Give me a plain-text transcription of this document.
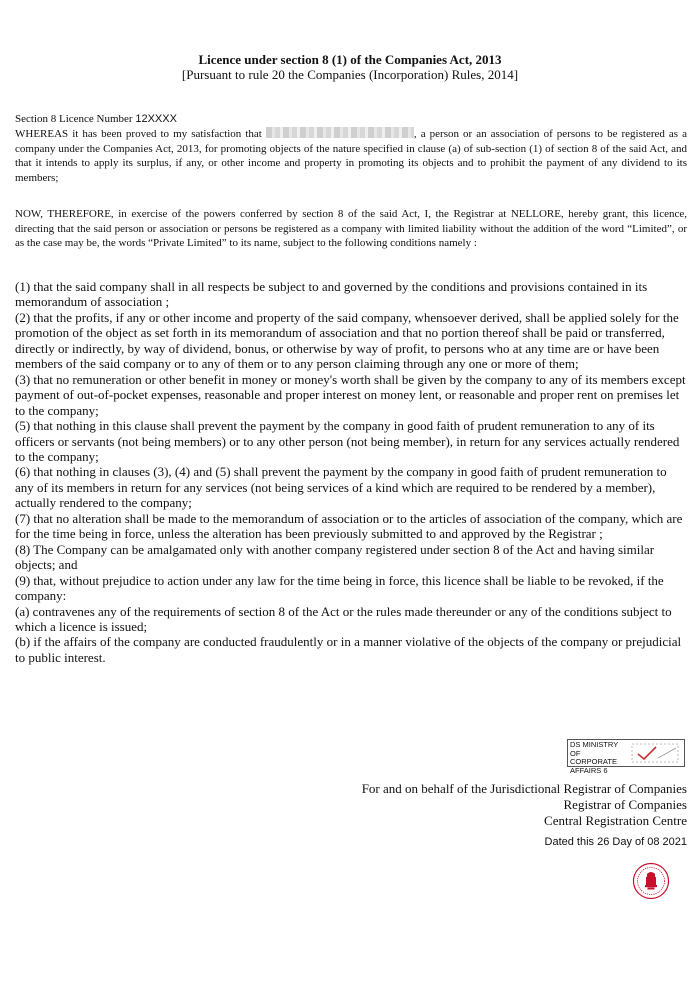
Licence under section 8 (1) of the Companies Act, 2013
[Pursuant to rule 20 the Companies (Incorporation) Rules, 2014]
Section 8 Licence Number 12XXXX
WHEREAS it has been proved to my satisfaction that	, a person or an association of persons to be registered as a company under the Companies Act, 2013, for promoting objects of the nature specified in clause (a) of sub-section (1) of section 8 of the said Act, and that it intends to apply its surplus, if any, or other income and property in promoting its objects and to prohibit the payment of any dividend to its members;
NOW, THEREFORE, in exercise of the powers conferred by section 8 of the said Act, I, the Registrar at NELLORE, hereby grant, this licence, directing that the said person or association or persons be registered as a company with limited liability without the addition of the word “Limited”, or as the case may be, the words “Private Limited” to its name, subject to the following conditions namely :

(1) that the said company shall in all respects be subject to and governed by the conditions and provisions contained in its memorandum of association ;

(2) that the profits, if any or other income and property of the said company, whensoever derived, shall be applied solely for the promotion of the object as set forth in its memorandum of association and that no portion thereof shall be paid or transferred, directly or indirectly, by way of dividend, bonus, or otherwise by way of profit, to persons who at any time are or have been members of the said company or to any of them or to any person claiming through any one or more of them;

(3) that no remuneration or other benefit in money or money's worth shall be given by the company to any of its members except payment of out-of-pocket expenses, reasonable and proper interest on money lent, or reasonable and proper rent on premises let to the company;

(5) that nothing in this clause shall prevent the payment by the company in good faith of prudent remuneration to any of its officers or servants (not being members) or to any other person (not being member), in return for any services actually rendered to the company;

(6) that nothing in clauses (3), (4) and (5) shall prevent the payment by the company in good faith of prudent remuneration to any of its members in return for any services (not being services of a kind which are required to be rendered by a member), actually rendered to the company;

(7) that no alteration shall be made to the memorandum of association or to the articles of association of the company, which are for the time being in force, unless the alteration has been previously submitted to and approved by the Registrar ;

(8) The Company can be amalgamated only with another company registered under section 8 of the Act and having similar objects; and

(9) that, without prejudice to action under any law for the time being in force, this licence shall be liable to be revoked, if the company:

(a) contravenes any of the requirements of section 8 of the Act or the rules made thereunder or any of the conditions subject to which a licence is issued;

(b) if the affairs of the company are conducted fraudulently or in a manner violative of the objects of the company or prejudicial to public interest.

DS MINISTRY OF
CORPORATE
AFFAIRS 6
For and on behalf of the Jurisdictional Registrar of Companies
Registrar of Companies
Central Registration Centre
Dated this 26 Day of 08 2021
